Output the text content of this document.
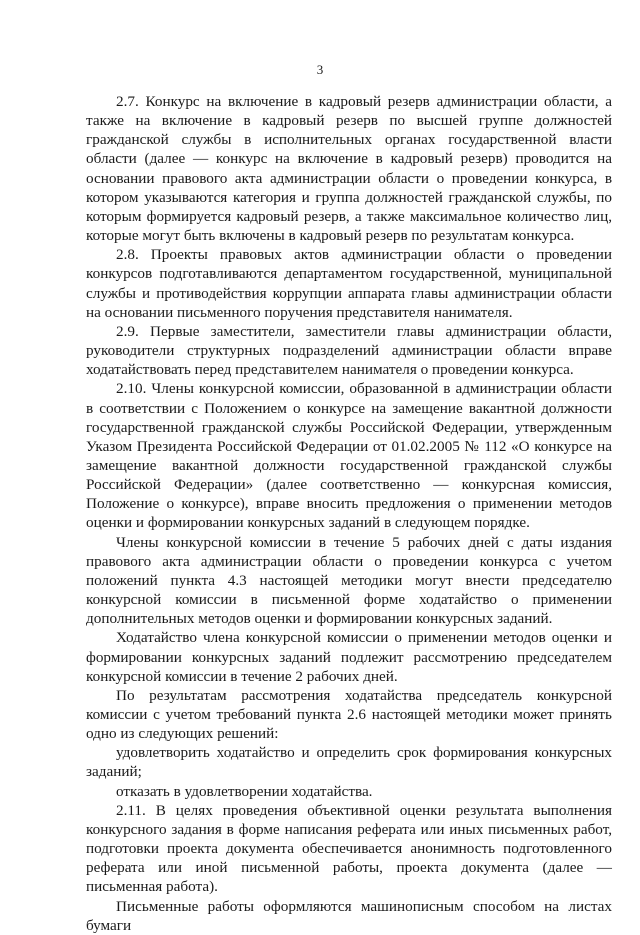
3

2.7. Конкурс на включение в кадровый резерв администрации области, а также на включение в кадровый резерв по высшей группе должностей гражданской службы в исполнительных органах государственной власти области (далее — конкурс на включение в кадровый резерв) проводится на основании правового акта администрации области о проведении конкурса, в котором указываются категория и группа должностей гражданской службы, по которым формируется кадровый резерв, а также максимальное количество лиц, которые могут быть включены в кадровый резерв по результатам конкурса.

2.8. Проекты правовых актов администрации области о проведении конкурсов подготавливаются департаментом государственной, муниципальной службы и противодействия коррупции аппарата главы администрации области на основании письменного поручения представителя нанимателя.

2.9. Первые заместители, заместители главы администрации области, руководители структурных подразделений администрации области вправе ходатайствовать перед представителем нанимателя о проведении конкурса.

2.10. Члены конкурсной комиссии, образованной в администрации области в соответствии с Положением о конкурсе на замещение вакантной должности государственной гражданской службы Российской Федерации, утвержденным Указом Президента Российской Федерации от 01.02.2005 № 112 «О конкурсе на замещение вакантной должности государственной гражданской службы Российской Федерации» (далее соответственно — конкурсная комиссия, Положение о конкурсе), вправе вносить предложения о применении методов оценки и формировании конкурсных заданий в следующем порядке.

Члены конкурсной комиссии в течение 5 рабочих дней с даты издания правового акта администрации области о проведении конкурса с учетом положений пункта 4.3 настоящей методики могут внести председателю конкурсной комиссии в письменной форме ходатайство о применении дополнительных методов оценки и формировании конкурсных заданий.

Ходатайство члена конкурсной комиссии о применении методов оценки и формировании конкурсных заданий подлежит рассмотрению председателем конкурсной комиссии в течение 2 рабочих дней.

По результатам рассмотрения ходатайства председатель конкурсной комиссии с учетом требований пункта 2.6 настоящей методики может принять одно из следующих решений:

удовлетворить ходатайство и определить срок формирования конкурсных заданий;

отказать в удовлетворении ходатайства.

2.11. В целях проведения объективной оценки результата выполнения конкурсного задания в форме написания реферата или иных письменных работ, подготовки проекта документа обеспечивается анонимность подготовленного реферата или иной письменной работы, проекта документа (далее — письменная работа).

Письменные работы оформляются машинописным способом на листах бумаги
